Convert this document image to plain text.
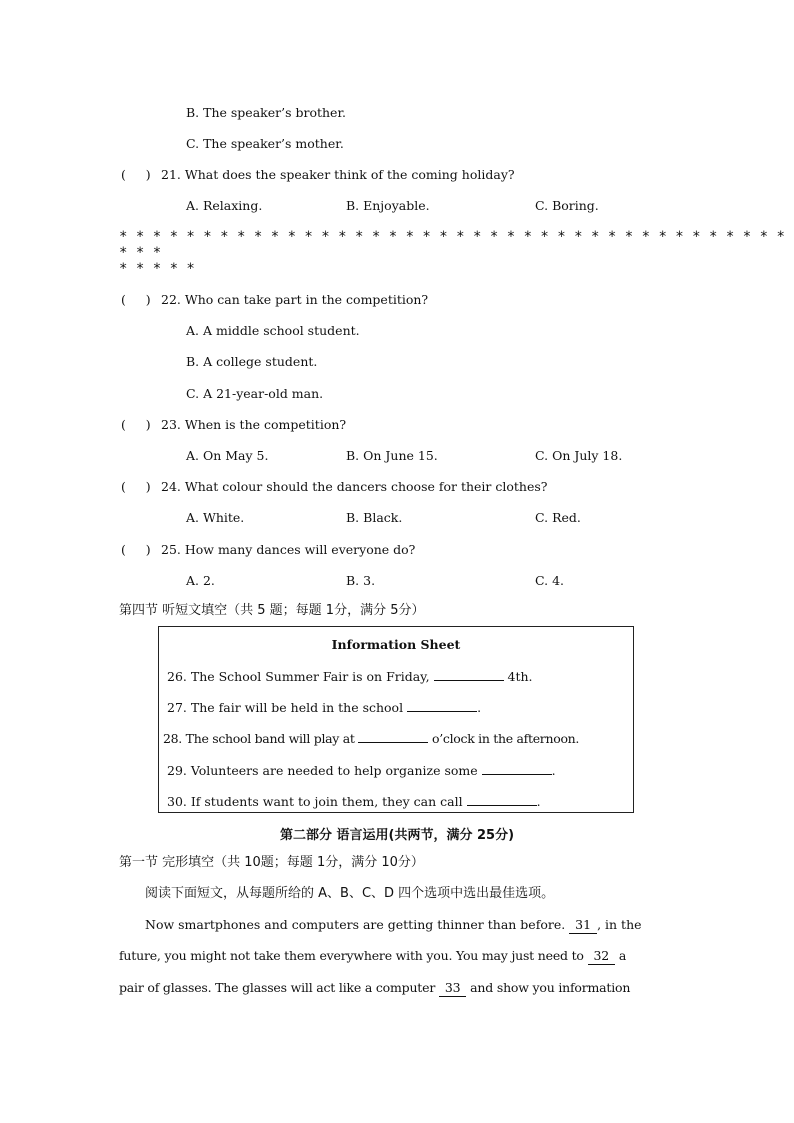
B. The speaker’s brother.
C. The speaker’s mother.
(     ) 21. What does the speaker think of the coming holiday?
A. Relaxing.	B. Enjoyable.	C. Boring.
* * * * * * * * * * * * * * * * * * * * * * * * * * * * * * * * * * * * * * * * * * *
* * * * *
(     ) 22. Who can take part in the competition?
A. A middle school student.
B. A college student.
C. A 21-year-old man.
(     ) 23. When is the competition?
A. On May 5.	B. On June 15.	C. On July 18.
(     ) 24. What colour should the dancers choose for their clothes?
A. White.	B. Black.	C. Red.
(     ) 25. How many dances will everyone do?
A. 2.	B. 3.	C. 4.
第四节 听短文填空（共 5 题；每题 1分，满分 5分）
Information Sheet
26. The School Summer Fair is on Friday,	4th.
27. The fair will be held in the school	.
28. The school band will play at	o’clock in the afternoon.
29. Volunteers are needed to help organize some	.
30. If students want to join them, they can call	.
第二部分 语言运用(共两节，满分 25分)
第一节 完形填空（共 10题；每题 1分，满分 10分）
阅读下面短文，从每题所给的 A、B、C、D 四个选项中选出最佳选项。
Now smartphones and computers are getting thinner than before. 31 , in the
future, you might not take them everywhere with you. You may just need to 32 a
pair of glasses. The glasses will act like a computer 33 and show you information
